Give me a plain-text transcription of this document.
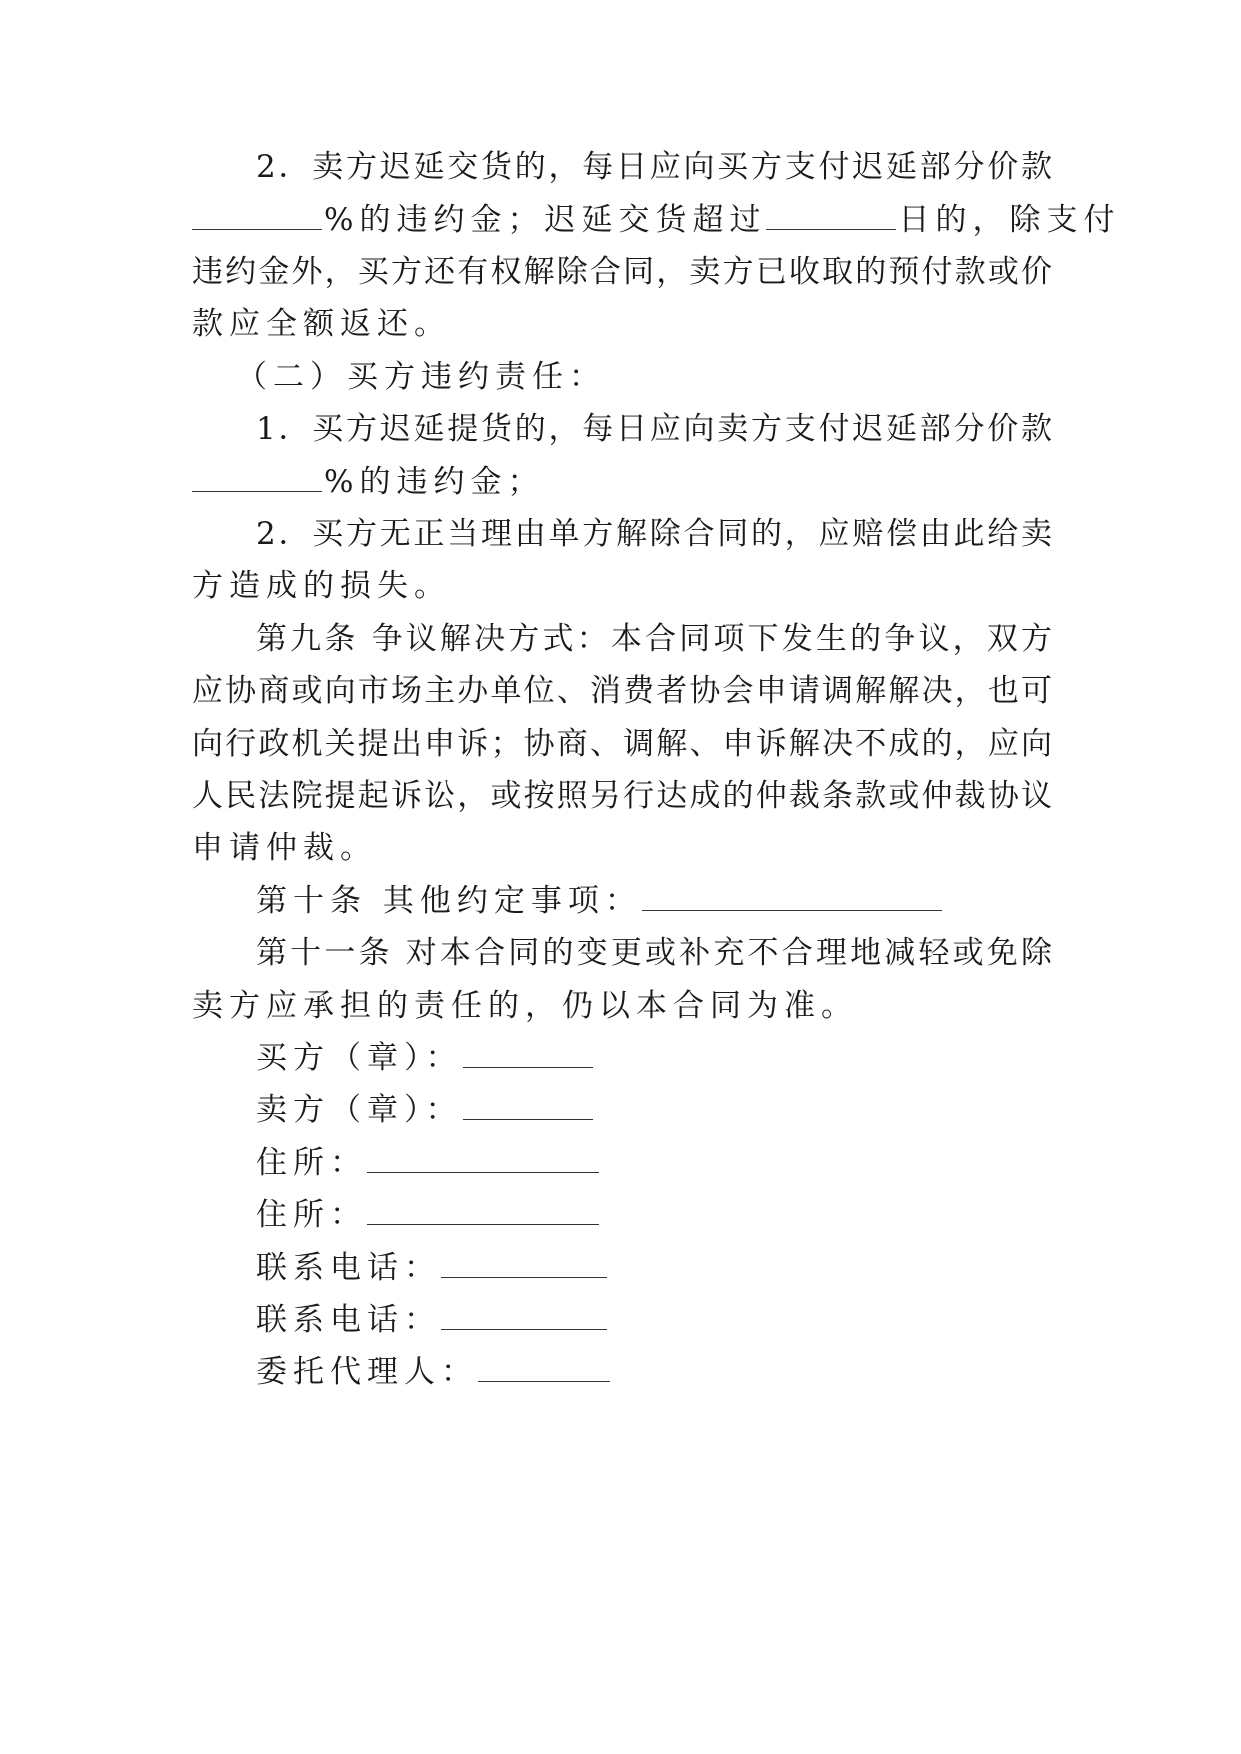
2．卖方迟延交货的，每日应向买方支付迟延部分价款
%的违约金；迟延交货超过	日的，除支付
违约金外，买方还有权解除合同，卖方已收取的预付款或价
款应全额返还。
（二）买方违约责任：
1．买方迟延提货的，每日应向卖方支付迟延部分价款
%的违约金；
2．买方无正当理由单方解除合同的，应赔偿由此给卖
方造成的损失。
第九条 争议解决方式：本合同项下发生的争议，双方
应协商或向市场主办单位、消费者协会申请调解解决，也可
向行政机关提出申诉；协商、调解、申诉解决不成的，应向
人民法院提起诉讼，或按照另行达成的仲裁条款或仲裁协议
申请仲裁。
第十条 其他约定事项：
第十一条 对本合同的变更或补充不合理地减轻或免除
卖方应承担的责任的，仍以本合同为准。
买方（章）：
卖方（章）：
住所：
住所：
联系电话：
联系电话：
委托代理人：
